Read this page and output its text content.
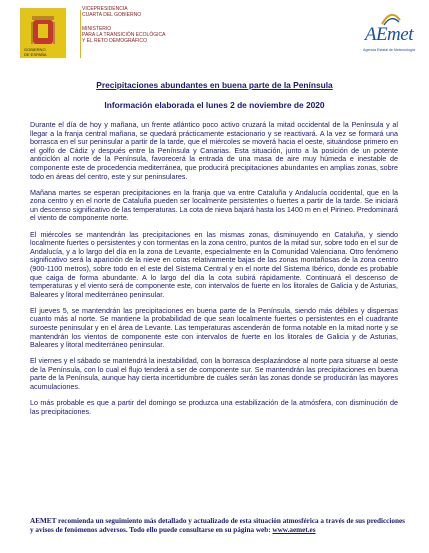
GOBIERNO
DE ESPAÑA
VICEPRESIDENCIA
CUARTA DEL GOBIERNO
MINISTERIO
PARA LA TRANSICIÓN ECOLÓGICA
Y EL RETO DEMOGRÁFICO	AEmet
Agencia Estatal de Meteorología
Precipitaciones abundantes en buena parte de la Península
Información elaborada el lunes 2 de noviembre de 2020

Durante el día de hoy y mañana, un frente atlántico poco activo cruzará la mitad occidental de la Península y al llegar a la franja central mañana, se quedará prácticamente estacionario y se reactivará. A la vez se formará una borrasca en el sur peninsular a partir de la tarde, que el miércoles se moverá hacia el oeste, situándose primero en el golfo de Cádiz y después entre la Península y Canarias. Esta situación, junto a la posición de un potente anticiclón al norte de la Península, favorecerá la entrada de una masa de aire muy húmeda e inestable de componente este de procedencia mediterránea, que producirá precipitaciones abundantes en amplias zonas, sobre todo en áreas del centro, este y sur peninsulares.

Mañana martes se esperan precipitaciones en la franja que va entre Cataluña y Andalucía occidental, que en la zona centro y en el norte de Cataluña pueden ser localmente persistentes o fuertes a partir de la tarde. Se iniciará un descenso significativo de las temperaturas. La cota de nieva bajará hasta los 1400 m en el Pirineo. Predominará el viento de componente norte.

El miércoles se mantendrán las precipitaciones en las mismas zonas, disminuyendo en Cataluña, y siendo localmente fuertes o persistentes y con tormentas en la zona centro, puntos de la mitad sur, sobre todo en el sur de Andalucía, y a lo largo del día en la zona de Levante, especialmente en la Comunidad Valenciana. Otro fenómeno significativo será la aparición de la nieve en cotas relativamente bajas de las zonas montañosas de la zona centro (900-1100 metros), sobre todo en el este del Sistema Central y en el norte del Sistema Ibérico, donde es probable que caiga de forma abundante. A lo largo del día la cota subirá rápidamente. Continuará el descenso de temperaturas y el viento será de componente este, con intervalos de fuerte en los litorales de Galicia y de Asturias, Baleares y litoral mediterráneo peninsular.

El jueves 5, se mantendrán las precipitaciones en buena parte de la Península, siendo más débiles y dispersas cuanto más al norte. Se mantiene la probabilidad de que sean localmente fuertes o persistentes en el cuadrante suroeste peninsular y en el área de Levante. Las temperaturas ascenderán de forma notable en la mitad norte y se mantendrán los vientos de componente este con intervalos de fuerte en los litorales de Galicia y de Asturias, Baleares y litoral mediterráneo peninsular.

El viernes y el sábado se mantendrá la inestabilidad, con la borrasca desplazándose al norte para situarse al oeste de la Península, con lo cual el flujo tenderá a ser de componente sur. Se mantendrán las precipitaciones en buena parte de la Península, aunque hay cierta incertidumbre de cuáles serán las zonas donde se producirán las mayores acumulaciones.

Lo más probable es que a partir del domingo se produzca una estabilización de la atmósfera, con disminución de las precipitaciones.

AEMET recomienda un seguimiento más detallado y actualizado de esta situación atmosférica a través de sus predicciones y avisos de fenómenos adversos. Todo ello puede consultarse en su página web: www.aemet.es
